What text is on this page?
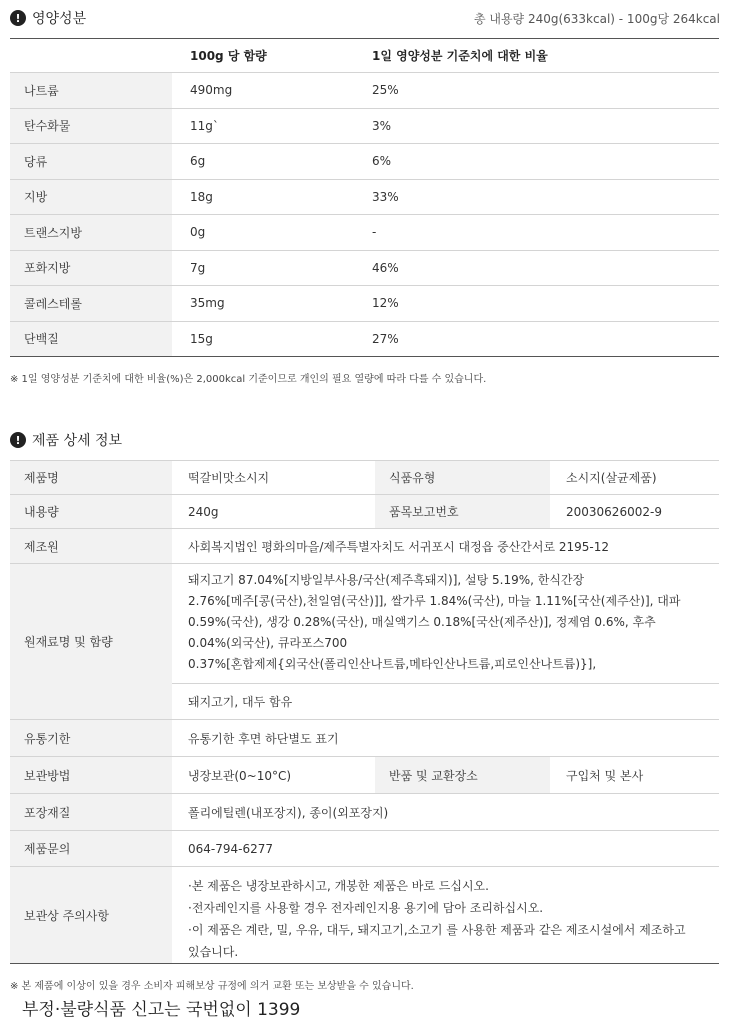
! 영양성분	총 내용량 240g(633kcal) - 100g당 264kcal
	100g 당 함량	1일 영양성분 기준치에 대한 비율
나트륨	490mg	25%
탄수화물	11g`	3%
당류	6g	6%
지방	18g	33%
트랜스지방	0g	-
포화지방	7g	46%
콜레스테롤	35mg	12%
단백질	15g	27%
※ 1일 영양성분 기준치에 대한 비율(%)은 2,000kcal 기준이므로 개인의 필요 열량에 따라 다를 수 있습니다.
! 제품 상세 정보
제품명	떡갈비맛소시지	식품유형	소시지(살균제품)
내용량	240g	품목보고번호	20030626002-9
제조원	사회복지법인 평화의마을/제주특별자치도 서귀포시 대정읍 중산간서로 2195-12		
원재료명 및 함량	돼지고기 87.04%[지방일부사용/국산(제주흑돼지)], 설탕 5.19%, 한식간장
2.76%[메주[콩(국산),천일염(국산)]], 쌀가루 1.84%(국산), 마늘 1.11%[국산(제주산)], 대파
0.59%(국산), 생강 0.28%(국산), 매실액기스 0.18%[국산(제주산)], 정제염 0.6%, 후추
0.04%(외국산), 큐라포스700
0.37%[혼합제제{외국산(폴리인산나트륨,메타인산나트륨,피로인산나트륨)}],		

	돼지고기, 대두 함유		
유통기한	유통기한 후면 하단별도 표기		
보관방법	냉장보관(0~10°C)	반품 및 교환장소	구입처 및 본사
포장재질	폴리에틸렌(내포장지), 종이(외포장지)		
제품문의	064-794-6277		
보관상 주의사항	·본 제품은 냉장보관하시고, 개봉한 제품은 바로 드십시오.
·전자레인지를 사용할 경우 전자레인지용 용기에 담아 조리하십시오.
·이 제품은 계란, 밀, 우유, 대두, 돼지고기,소고기 를 사용한 제품과 같은 제조시설에서 제조하고
있습니다.		
※ 본 제품에 이상이 있을 경우 소비자 피해보상 규정에 의거 교환 또는 보상받을 수 있습니다.
부정·불량식품 신고는 국번없이 1399
